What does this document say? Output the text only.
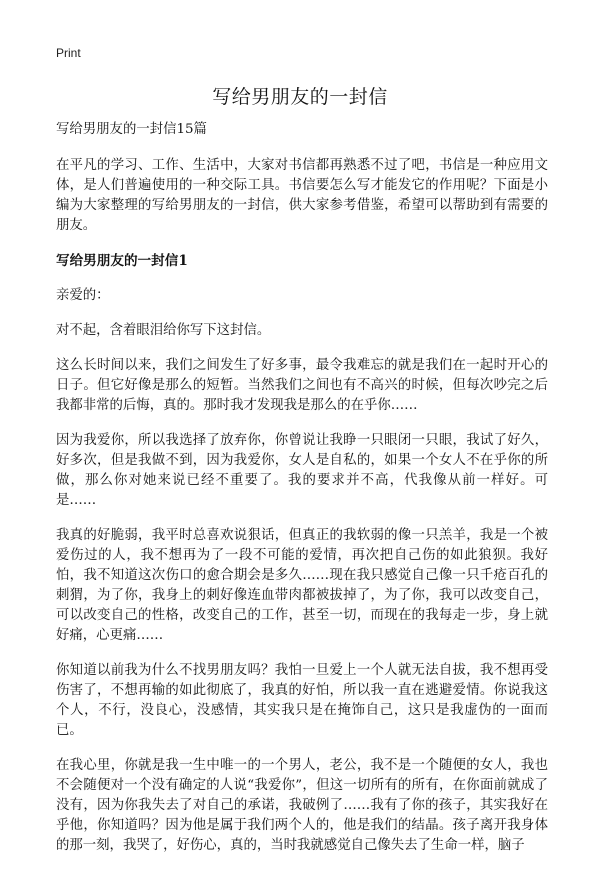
Print
写给男朋友的一封信

写给男朋友的一封信15篇

在平凡的学习、工作、生活中，大家对书信都再熟悉不过了吧，书信是一种应用文体，是人们普遍使用的一种交际工具。书信要怎么写才能发它的作用呢？下面是小编为大家整理的写给男朋友的一封信，供大家参考借鉴，希望可以帮助到有需要的朋友。

写给男朋友的一封信1

亲爱的：

对不起，含着眼泪给你写下这封信。

这么长时间以来，我们之间发生了好多事，最令我难忘的就是我们在一起时开心的日子。但它好像是那么的短暂。当然我们之间也有不高兴的时候，但每次吵完之后我都非常的后悔，真的。那时我才发现我是那么的在乎你……

因为我爱你，所以我选择了放弃你，你曾说让我睁一只眼闭一只眼，我试了好久，好多次，但是我做不到，因为我爱你，女人是自私的，如果一个女人不在乎你的所做，那么你对她来说已经不重要了。我的要求并不高，代我像从前一样好。可是……

我真的好脆弱，我平时总喜欢说狠话，但真正的我软弱的像一只羔羊，我是一个被爱伤过的人，我不想再为了一段不可能的爱情，再次把自己伤的如此狼狈。我好怕，我不知道这次伤口的愈合期会是多久……现在我只感觉自己像一只千疮百孔的刺猬，为了你，我身上的刺好像连血带肉都被拔掉了，为了你，我可以改变自己，可以改变自己的性格，改变自己的工作，甚至一切，而现在的我每走一步，身上就好痛，心更痛……

你知道以前我为什么不找男朋友吗？我怕一旦爱上一个人就无法自拔，我不想再受伤害了，不想再输的如此彻底了，我真的好怕，所以我一直在逃避爱情。你说我这个人，不行，没良心，没感情，其实我只是在掩饰自己，这只是我虚伪的一面而已。

在我心里，你就是我一生中唯一的一个男人，老公，我不是一个随便的女人，我也不会随便对一个没有确定的人说“我爱你”，但这一切所有的所有，在你面前就成了没有，因为你我失去了对自己的承诺，我破例了……我有了你的孩子，其实我好在乎他，你知道吗？因为他是属于我们两个人的，他是我们的结晶。孩子离开我身体的那一刻，我哭了，好伤心，真的，当时我就感觉自己像失去了生命一样，脑子
